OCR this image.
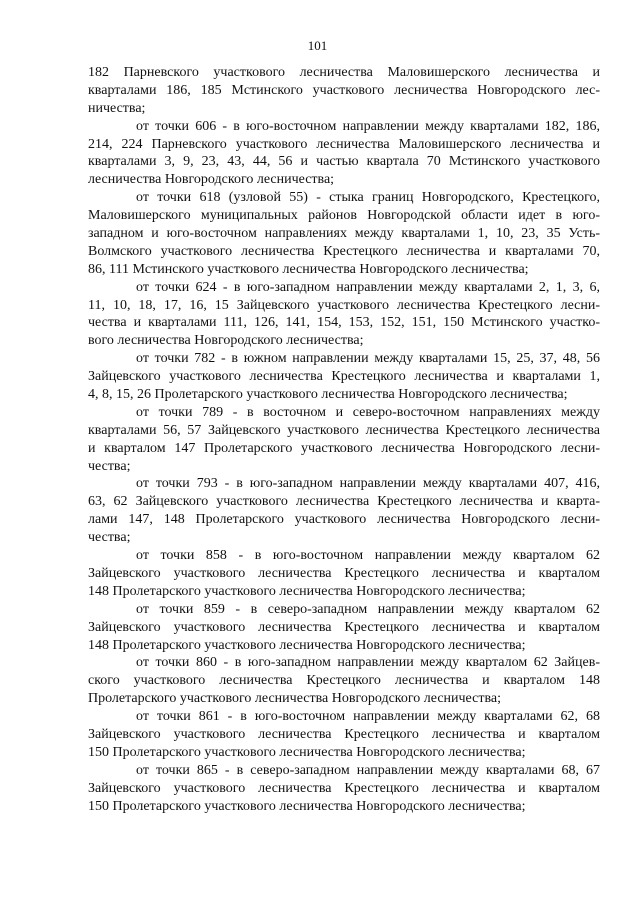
101
182 Парневского участкового лесничества Маловишерского лесничества и
кварталами 186, 185 Мстинского участкового лесничества Новгородского лес-
ничества;
от точки 606 - в юго-восточном направлении между кварталами 182, 186,
214, 224 Парневского участкового лесничества Маловишерского лесничества и
кварталами 3, 9, 23, 43, 44, 56 и частью квартала 70 Мстинского участкового
лесничества Новгородского лесничества;
от точки 618 (узловой 55) - стыка границ Новгородского, Крестецкого,
Маловишерского муниципальных районов Новгородской области идет в юго-
западном и юго-восточном направлениях между кварталами 1, 10, 23, 35 Усть-
Волмского участкового лесничества Крестецкого лесничества и кварталами 70,
86, 111 Мстинского участкового лесничества Новгородского лесничества;
от точки 624 - в юго-западном направлении между кварталами 2, 1, 3, 6,
11, 10, 18, 17, 16, 15 Зайцевского участкового лесничества Крестецкого лесни-
чества и кварталами 111, 126, 141, 154, 153, 152, 151, 150 Мстинского участко-
вого лесничества Новгородского лесничества;
от точки 782 - в южном направлении между кварталами 15, 25, 37, 48, 56
Зайцевского участкового лесничества Крестецкого лесничества и кварталами 1,
4, 8, 15, 26 Пролетарского участкового лесничества Новгородского лесничества;
от точки 789 - в восточном и северо-восточном направлениях между
кварталами 56, 57 Зайцевского участкового лесничества Крестецкого лесничества
и кварталом 147 Пролетарского участкового лесничества Новгородского лесни-
чества;
от точки 793 - в юго-западном направлении между кварталами 407, 416,
63, 62 Зайцевского участкового лесничества Крестецкого лесничества и кварта-
лами 147, 148 Пролетарского участкового лесничества Новгородского лесни-
чества;
от точки 858 - в юго-восточном направлении между кварталом 62
Зайцевского участкового лесничества Крестецкого лесничества и кварталом
148 Пролетарского участкового лесничества Новгородского лесничества;
от точки 859 - в северо-западном направлении между кварталом 62
Зайцевского участкового лесничества Крестецкого лесничества и кварталом
148 Пролетарского участкового лесничества Новгородского лесничества;
от точки 860 - в юго-западном направлении между кварталом 62 Зайцев-
ского участкового лесничества Крестецкого лесничества и кварталом 148
Пролетарского участкового лесничества Новгородского лесничества;
от точки 861 - в юго-восточном направлении между кварталами 62, 68
Зайцевского участкового лесничества Крестецкого лесничества и кварталом
150 Пролетарского участкового лесничества Новгородского лесничества;
от точки 865 - в северо-западном направлении между кварталами 68, 67
Зайцевского участкового лесничества Крестецкого лесничества и кварталом
150 Пролетарского участкового лесничества Новгородского лесничества;
